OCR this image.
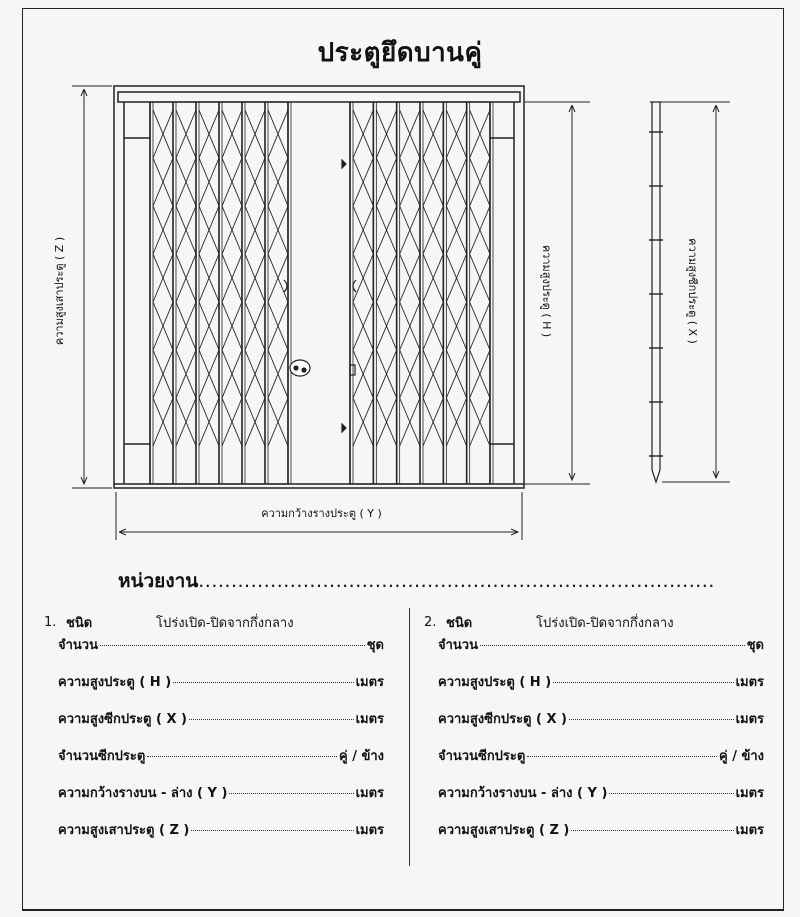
ประตูยึดบานคู่
ความสูงเสาประตู ( Z )	ความสูงประตู ( H )	ความสูงซีกประตู ( X )
ความกว้างรางประตู ( Y )
หน่วยงาน...............................................................................
1. ชนิด	โปร่งเปิด-ปิดจากกึ่งกลาง
จำนวน	ชุด
ความสูงประตู ( H )	เมตร
ความสูงซีกประตู ( X )	เมตร
จำนวนซีกประตู	คู่ / ข้าง
ความกว้างรางบน - ล่าง ( Y )	เมตร
ความสูงเสาประตู ( Z )	เมตร
2. ชนิด	โปร่งเปิด-ปิดจากกึ่งกลาง
จำนวน	ชุด
ความสูงประตู ( H )	เมตร
ความสูงซีกประตู ( X )	เมตร
จำนวนซีกประตู	คู่ / ข้าง
ความกว้างรางบน - ล่าง ( Y )	เมตร
ความสูงเสาประตู ( Z )	เมตร
